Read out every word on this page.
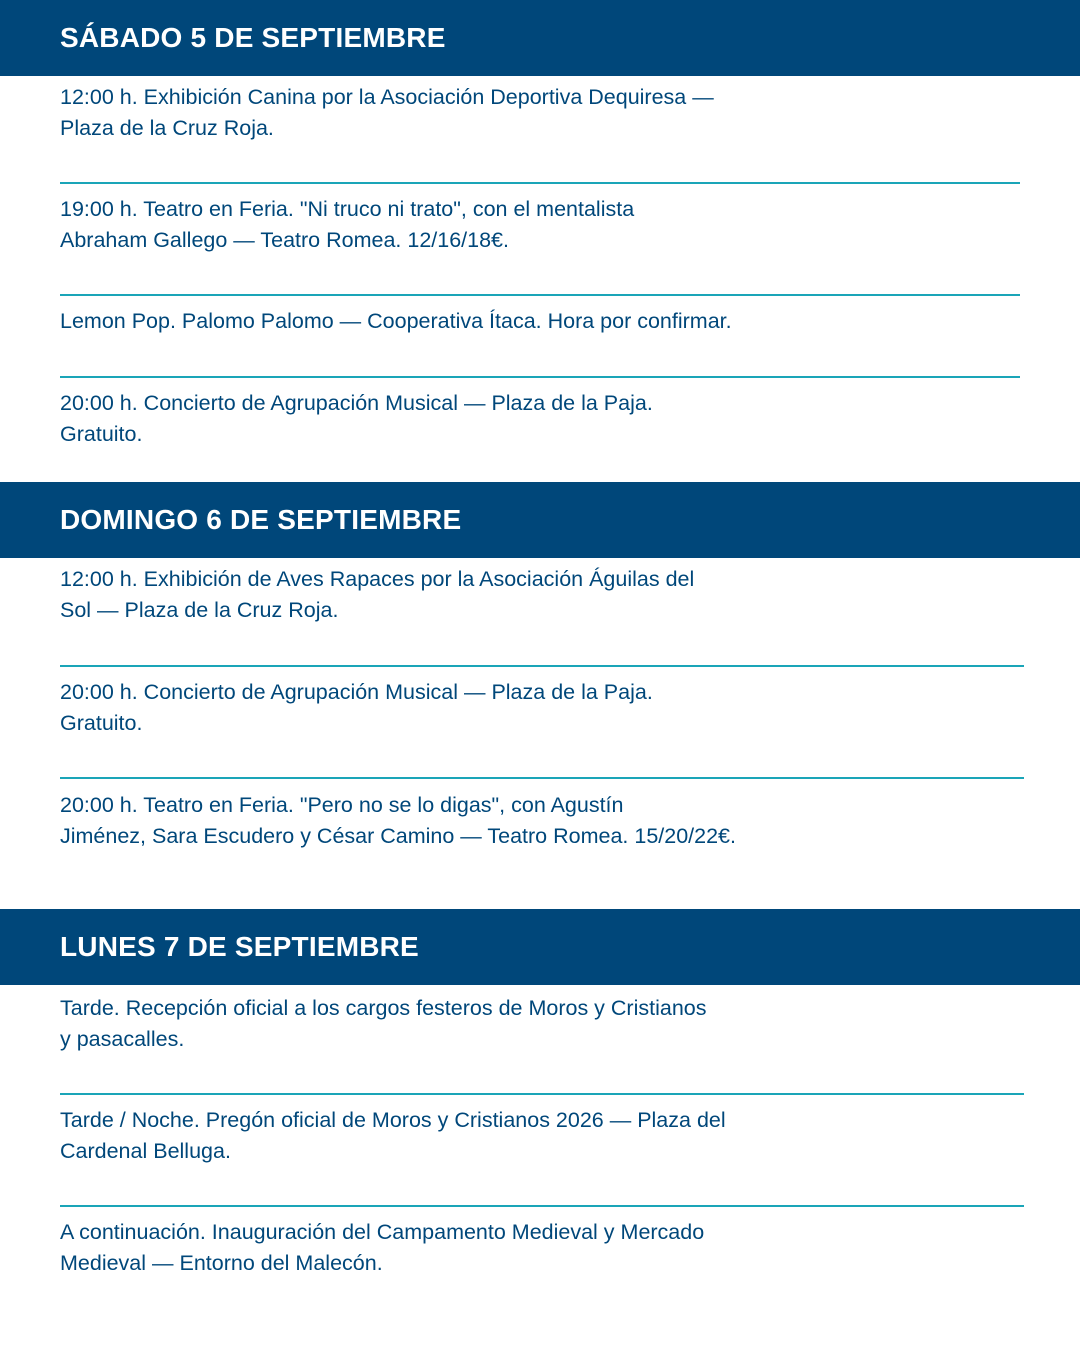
SÁBADO 5 DE SEPTIEMBRE

12:00 h. Exhibición Canina por la Asociación Deportiva Dequiresa —
Plaza de la Cruz Roja.

19:00 h. Teatro en Feria. "Ni truco ni trato", con el mentalista
Abraham Gallego — Teatro Romea. 12/16/18€.

Lemon Pop. Palomo Palomo — Cooperativa Ítaca. Hora por confirmar.

20:00 h. Concierto de Agrupación Musical — Plaza de la Paja.
Gratuito.

DOMINGO 6 DE SEPTIEMBRE

12:00 h. Exhibición de Aves Rapaces por la Asociación Águilas del
Sol — Plaza de la Cruz Roja.

20:00 h. Concierto de Agrupación Musical — Plaza de la Paja.
Gratuito.

20:00 h. Teatro en Feria. "Pero no se lo digas", con Agustín
Jiménez, Sara Escudero y César Camino — Teatro Romea. 15/20/22€.

LUNES 7 DE SEPTIEMBRE

Tarde. Recepción oficial a los cargos festeros de Moros y Cristianos
y pasacalles.

Tarde / Noche. Pregón oficial de Moros y Cristianos 2026 — Plaza del
Cardenal Belluga.

A continuación. Inauguración del Campamento Medieval y Mercado
Medieval — Entorno del Malecón.
